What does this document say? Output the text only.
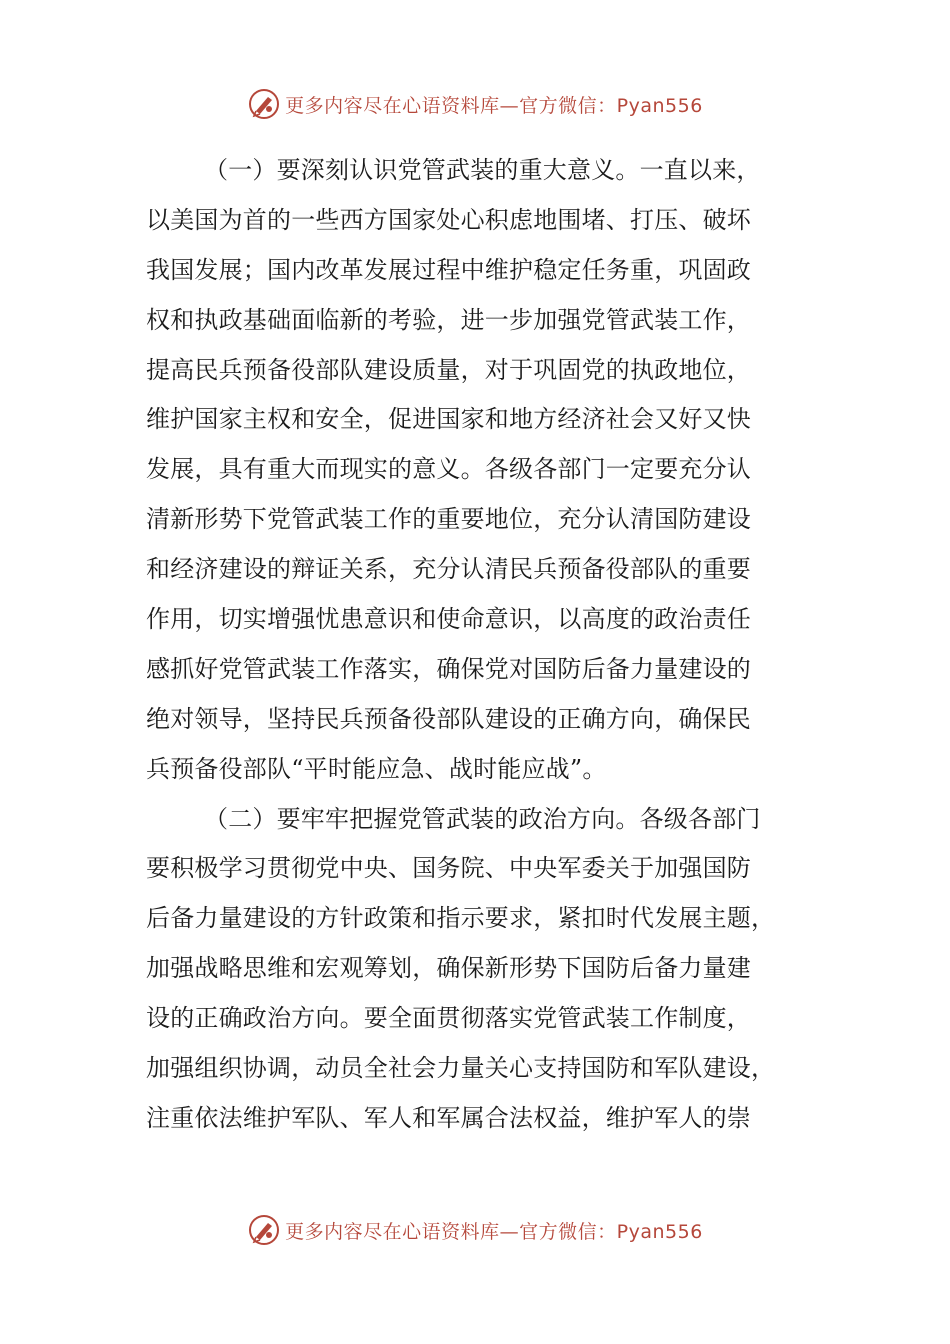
更多内容尽在心语资料库—官方微信：Pyan556
（一）要深刻认识党管武装的重大意义。一直以来，
以美国为首的一些西方国家处心积虑地围堵、打压、破坏
我国发展；国内改革发展过程中维护稳定任务重，巩固政
权和执政基础面临新的考验，进一步加强党管武装工作，
提高民兵预备役部队建设质量，对于巩固党的执政地位，
维护国家主权和安全，促进国家和地方经济社会又好又快
发展，具有重大而现实的意义。各级各部门一定要充分认
清新形势下党管武装工作的重要地位，充分认清国防建设
和经济建设的辩证关系，充分认清民兵预备役部队的重要
作用，切实增强忧患意识和使命意识，以高度的政治责任
感抓好党管武装工作落实，确保党对国防后备力量建设的
绝对领导，坚持民兵预备役部队建设的正确方向，确保民
兵预备役部队“平时能应急、战时能应战”。
（二）要牢牢把握党管武装的政治方向。各级各部门
要积极学习贯彻党中央、国务院、中央军委关于加强国防
后备力量建设的方针政策和指示要求，紧扣时代发展主题，
加强战略思维和宏观筹划，确保新形势下国防后备力量建
设的正确政治方向。要全面贯彻落实党管武装工作制度，
加强组织协调，动员全社会力量关心支持国防和军队建设，
注重依法维护军队、军人和军属合法权益，维护军人的崇
更多内容尽在心语资料库—官方微信：Pyan556
